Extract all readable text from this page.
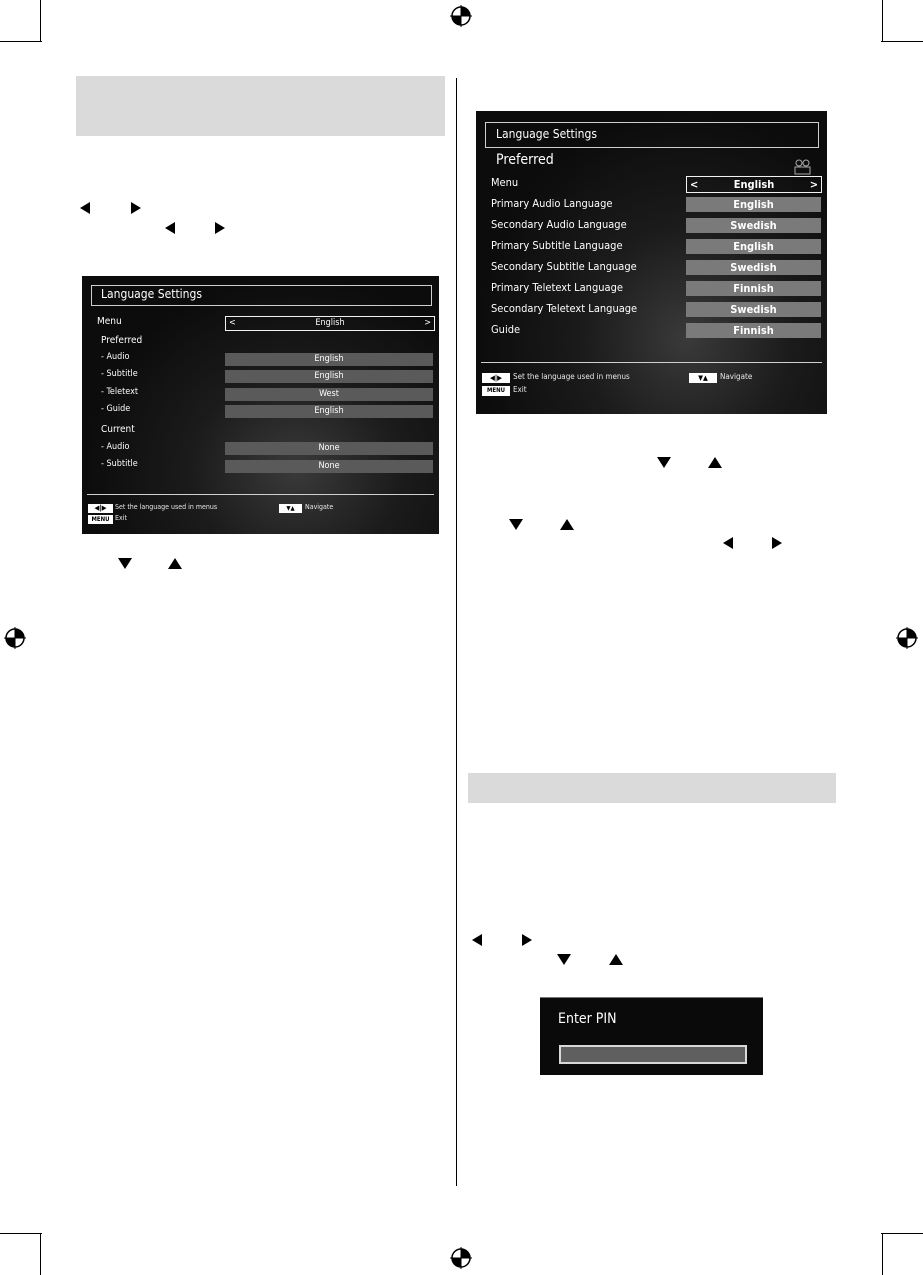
Language Settings
Menu	<	English	>
Preferred
- Audio	English
- Subtitle	English
- Teletext	West
- Guide	English
Current
- Audio	None
- Subtitle	None
◀|▶	Set the language used in menus	▼▲	Navigate
MENU Exit
Language Settings
Preferred
Menu	<	English	>
Primary Audio Language	English
Secondary Audio Language	Swedish
Primary Subtitle Language	English
Secondary Subtitle Language	Swedish
Primary Teletext Language	Finnish
Secondary Teletext Language	Swedish
Guide	Finnish
◀|▶	Set the language used in menus	▼▲	Navigate
MENU	Exit
Enter PIN
